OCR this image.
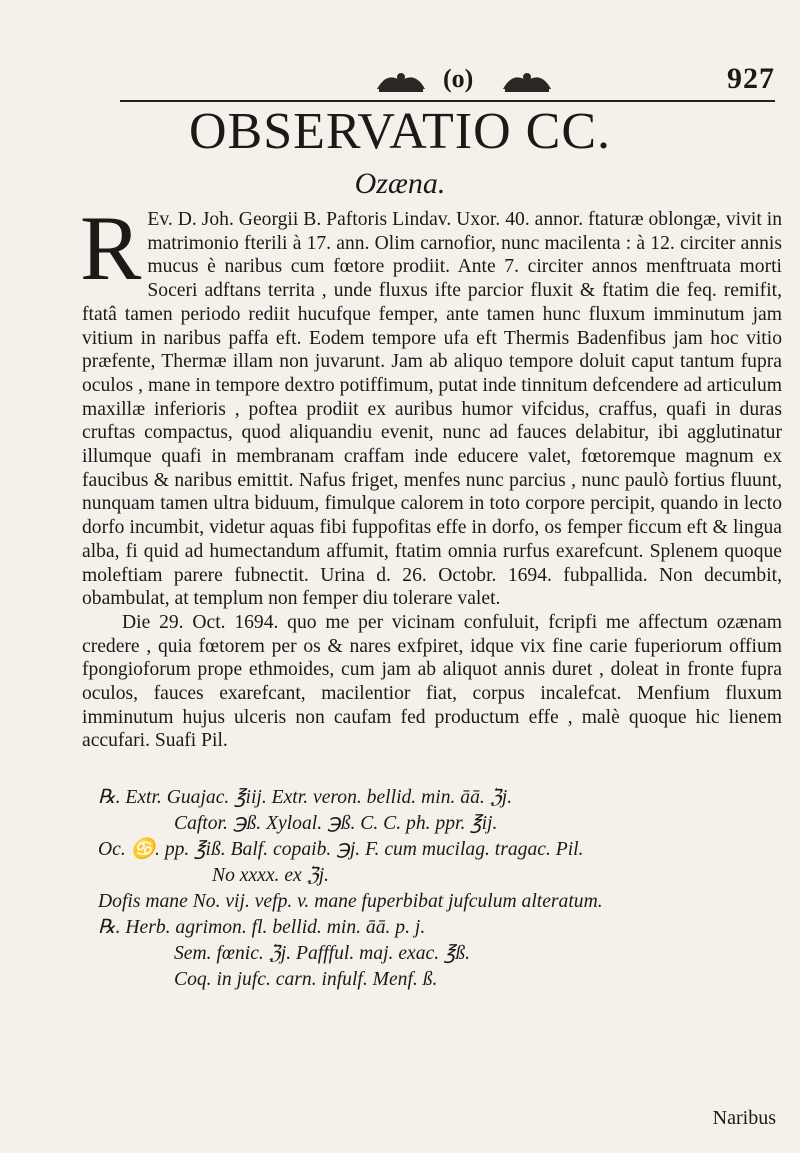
(o)	927
OBSERVATIO CC.
Ozæna.

R Ev. D. Joh. Georgii B. Paftoris Lindav. Uxor. 40. annor. ftaturæ oblongæ, vivit in matrimonio fterili à 17. ann. Olim carnofior, nunc macilenta : à 12. circiter annis mucus è naribus cum fœtore prodiit. Ante 7. circiter annos menftruata morti Soceri adftans territa , unde fluxus ifte parcior fluxit & ftatim die feq. remifit, ftatâ tamen periodo rediit hucufque femper, ante tamen hunc fluxum imminutum jam vitium in naribus paffa eft. Eodem tempore ufa eft Thermis Badenfibus jam hoc vitio præfente, Thermæ illam non juvarunt. Jam ab aliquo tempore doluit caput tantum fupra oculos , mane in tempore dextro potiffimum, putat inde tinnitum defcendere ad articulum maxillæ inferioris , poftea prodiit ex auribus humor vifcidus, craffus, quafi in duras cruftas compactus, quod aliquandiu evenit, nunc ad fauces delabitur, ibi agglutinatur illumque quafi in membranam craffam inde educere valet, fœtoremque magnum ex faucibus & naribus emittit. Nafus friget, menfes nunc parcius , nunc paulò fortius fluunt, nunquam tamen ultra biduum, fimulque calorem in toto corpore percipit, quando in lecto dorfo incumbit, videtur aquas fibi fuppofitas effe in dorfo, os femper ficcum eft & lingua alba, fi quid ad humectandum affumit, ftatim omnia rurfus exarefcunt. Splenem quoque moleftiam parere fubnectit. Urina d. 26. Octobr. 1694. fubpallida. Non decumbit, obambulat, at templum non femper diu tolerare valet.

Die 29. Oct. 1694. quo me per vicinam confuluit, fcripfi me affectum ozænam credere , quia fœtorem per os & nares exfpiret, idque vix fine carie fuperiorum offium fpongioforum prope ethmoides, cum jam ab aliquot annis duret , doleat in fronte fupra oculos, fauces exarefcant, macilentior fiat, corpus incalefcat. Menfium fluxum imminutum hujus ulceris non caufam fed productum effe , malè quoque hic lienem accufari. Suafi Pil.

℞. Extr. Guajac. ℥iij. Extr. veron. bellid. min. āā. ℨj.
Caftor. ℈ß. Xyloal. ℈ß. C. C. ph. ppr. ℥ij.
Oc. ♋. pp. ℥iß. Balf. copaib. ℈j. F. cum mucilag. tragac. Pil.
No xxxx. ex ℨj.
Dofis mane No. vij. vefp. v. mane fuperbibat jufculum alteratum.
℞. Herb. agrimon. fl. bellid. min. āā. p. j.
Sem. fœnic. ℨj. Paffful. maj. exac. ℥ß.
Coq. in jufc. carn. infulf. Menf. ß.
Naribus
